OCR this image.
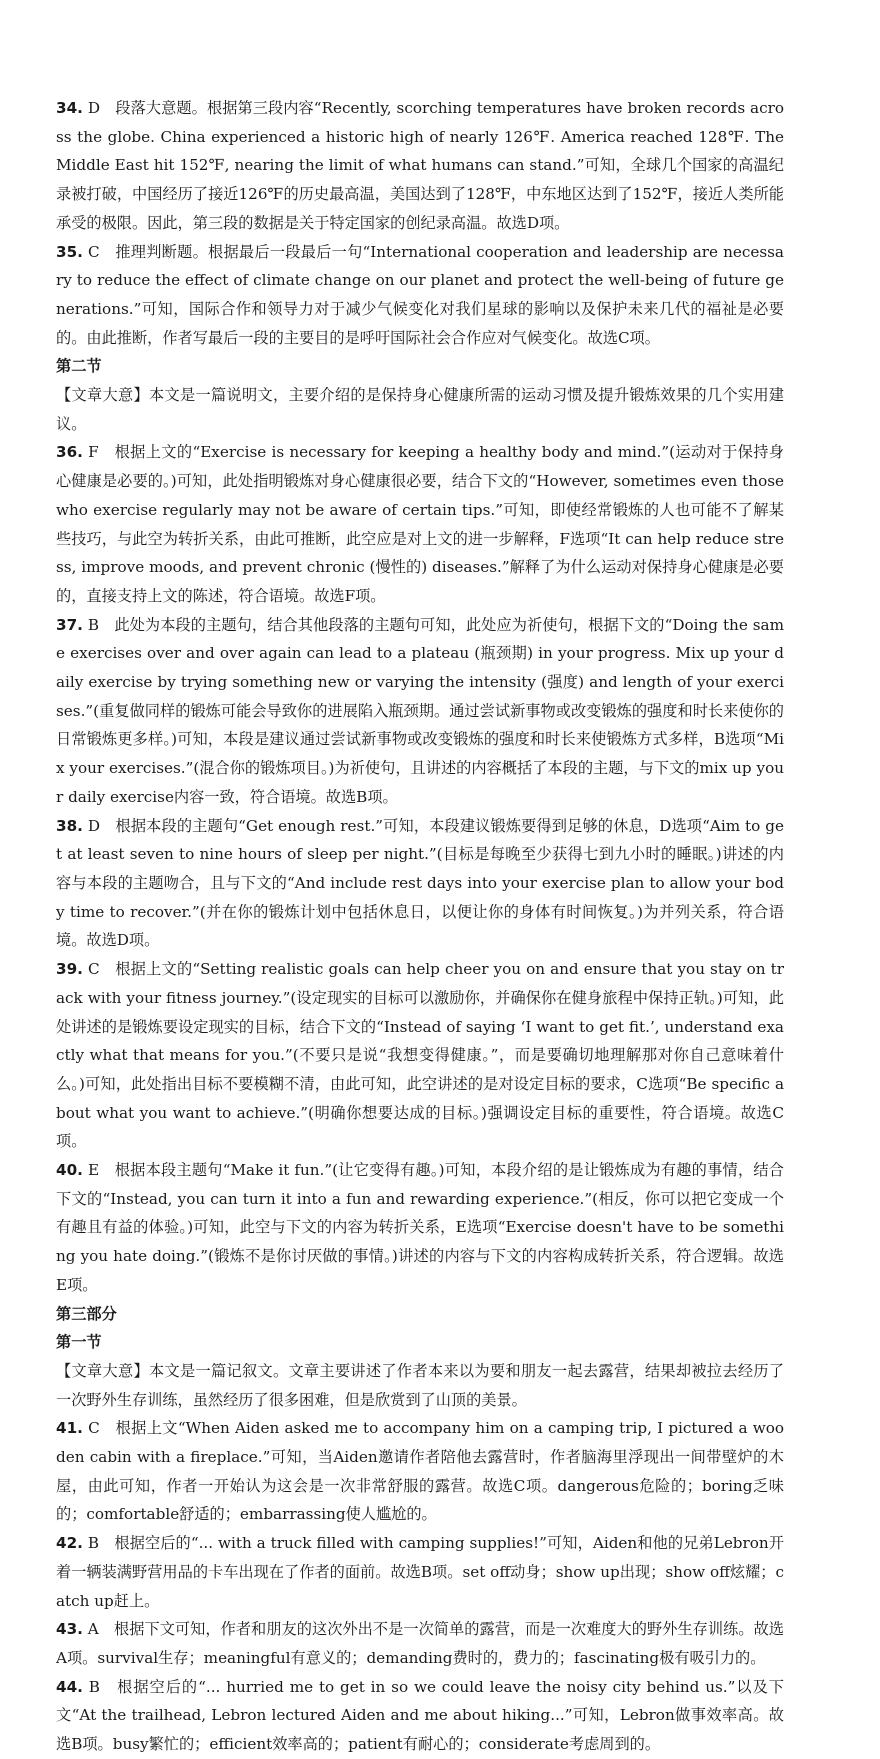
34. D　段落大意题。根据第三段内容“Recently, scorching temperatures have broken records across the globe. China experienced a historic high of nearly 126℉. America reached 128℉. The Middle East hit 152℉, nearing the limit of what humans can stand.”可知，全球几个国家的高温纪录被打破，中国经历了接近126℉的历史最高温，美国达到了128℉，中东地区达到了152℉，接近人类所能承受的极限。因此，第三段的数据是关于特定国家的创纪录高温。故选D项。

35. C　推理判断题。根据最后一段最后一句“International cooperation and leadership are necessary to reduce the effect of climate change on our planet and protect the well-being of future generations.”可知，国际合作和领导力对于减少气候变化对我们星球的影响以及保护未来几代的福祉是必要的。由此推断，作者写最后一段的主要目的是呼吁国际社会合作应对气候变化。故选C项。

第二节

【文章大意】本文是一篇说明文，主要介绍的是保持身心健康所需的运动习惯及提升锻炼效果的几个实用建议。

36. F　根据上文的“Exercise is necessary for keeping a healthy body and mind.”(运动对于保持身心健康是必要的。)可知，此处指明锻炼对身心健康很必要，结合下文的“However, sometimes even those who exercise regularly may not be aware of certain tips.”可知，即使经常锻炼的人也可能不了解某些技巧，与此空为转折关系，由此可推断，此空应是对上文的进一步解释，F选项“It can help reduce stress, improve moods, and prevent chronic (慢性的) diseases.”解释了为什么运动对保持身心健康是必要的，直接支持上文的陈述，符合语境。故选F项。

37. B　此处为本段的主题句，结合其他段落的主题句可知，此处应为祈使句，根据下文的“Doing the same exercises over and over again can lead to a plateau (瓶颈期) in your progress. Mix up your daily exercise by trying something new or varying the intensity (强度) and length of your exercises.”(重复做同样的锻炼可能会导致你的进展陷入瓶颈期。通过尝试新事物或改变锻炼的强度和时长来使你的日常锻炼更多样。)可知，本段是建议通过尝试新事物或改变锻炼的强度和时长来使锻炼方式多样，B选项“Mix your exercises.”(混合你的锻炼项目。)为祈使句，且讲述的内容概括了本段的主题，与下文的mix up your daily exercise内容一致，符合语境。故选B项。

38. D　根据本段的主题句“Get enough rest.”可知，本段建议锻炼要得到足够的休息，D选项“Aim to get at least seven to nine hours of sleep per night.”(目标是每晚至少获得七到九小时的睡眠。)讲述的内容与本段的主题吻合，且与下文的“And include rest days into your exercise plan to allow your body time to recover.”(并在你的锻炼计划中包括休息日，以便让你的身体有时间恢复。)为并列关系，符合语境。故选D项。

39. C　根据上文的“Setting realistic goals can help cheer you on and ensure that you stay on track with your fitness journey.”(设定现实的目标可以激励你，并确保你在健身旅程中保持正轨。)可知，此处讲述的是锻炼要设定现实的目标，结合下文的“Instead of saying ‘I want to get fit.’, understand exactly what that means for you.”(不要只是说“我想变得健康。”，而是要确切地理解那对你自己意味着什么。)可知，此处指出目标不要模糊不清，由此可知，此空讲述的是对设定目标的要求，C选项“Be specific about what you want to achieve.”(明确你想要达成的目标。)强调设定目标的重要性，符合语境。故选C项。

40. E　根据本段主题句“Make it fun.”(让它变得有趣。)可知，本段介绍的是让锻炼成为有趣的事情，结合下文的“Instead, you can turn it into a fun and rewarding experience.”(相反，你可以把它变成一个有趣且有益的体验。)可知，此空与下文的内容为转折关系，E选项“Exercise doesn't have to be something you hate doing.”(锻炼不是你讨厌做的事情。)讲述的内容与下文的内容构成转折关系，符合逻辑。故选E项。

第三部分

第一节

【文章大意】本文是一篇记叙文。文章主要讲述了作者本来以为要和朋友一起去露营，结果却被拉去经历了一次野外生存训练，虽然经历了很多困难，但是欣赏到了山顶的美景。

41. C　根据上文“When Aiden asked me to accompany him on a camping trip, I pictured a wooden cabin with a fireplace.”可知，当Aiden邀请作者陪他去露营时，作者脑海里浮现出一间带壁炉的木屋，由此可知，作者一开始认为这会是一次非常舒服的露营。故选C项。dangerous危险的；boring乏味的；comfortable舒适的；embarrassing使人尴尬的。

42. B　根据空后的“... with a truck filled with camping supplies!”可知，Aiden和他的兄弟Lebron开着一辆装满野营用品的卡车出现在了作者的面前。故选B项。set off动身；show up出现；show off炫耀；catch up赶上。

43. A　根据下文可知，作者和朋友的这次外出不是一次简单的露营，而是一次难度大的野外生存训练。故选A项。survival生存；meaningful有意义的；demanding费时的，费力的；fascinating极有吸引力的。

44. B　根据空后的“... hurried me to get in so we could leave the noisy city behind us.”以及下文“At the trailhead, Lebron lectured Aiden and me about hiking...”可知，Lebron做事效率高。故选B项。busy繁忙的；efficient效率高的；patient有耐心的；considerate考虑周到的。
